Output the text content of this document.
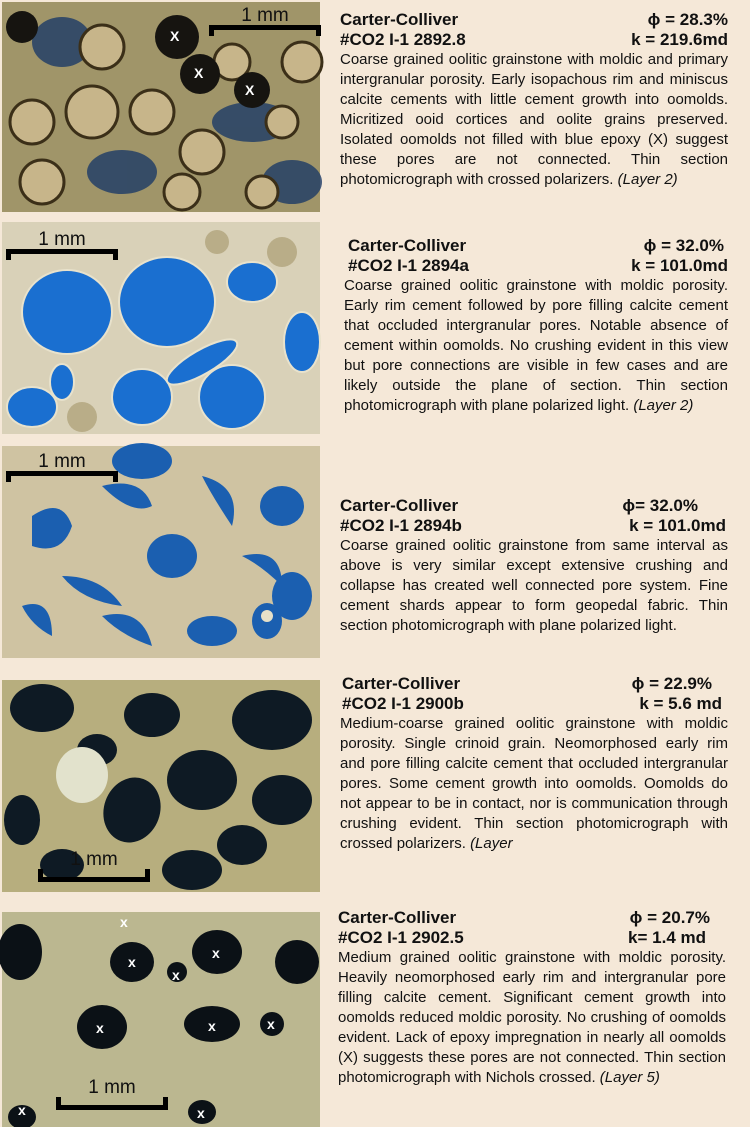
X
X
X
1 mm	Carter-Colliver	ϕ = 28.3%
#CO2 I-1 2892.8	k = 219.6md
Coarse grained oolitic grainstone with moldic and primary intergranular porosity. Early isopachous rim and miniscus calcite cements with little cement growth into oomolds. Micritized ooid cortices and oolite grains preserved. Isolated oomolds not filled with blue epoxy (X) suggest these pores are not connected. Thin section photomicrograph with crossed polarizers. (Layer 2)
1 mm	Carter-Colliver	ϕ = 32.0%
#CO2 I-1 2894a	k = 101.0md
Coarse grained oolitic grainstone with moldic porosity. Early rim cement followed by pore filling calcite cement that occluded intergranular pores. Notable absence of cement within oomolds. No crushing evident in this view but pore connections are visible in few cases and are likely outside the plane of section. Thin section photomicrograph with plane polarized light. (Layer 2)
1 mm
Carter-Colliver	ϕ= 32.0%
#CO2 I-1 2894b	k = 101.0md
Coarse grained oolitic grainstone from same interval as above is very similar except extensive crushing and collapse has created well connected pore system. Fine cement shards appear to form geopedal fabric. Thin section photomicrograph with plane polarized light.
1 mm
Carter-Colliver	ϕ = 22.9%
#CO2 I-1 2900b	k = 5.6 md
Medium-coarse grained oolitic grainstone with moldic porosity. Single crinoid grain. Neomorphosed early rim and pore filling calcite cement that occluded intergranular pores. Some cement growth into oomolds. Oomolds do not appear to be in contact, nor is communication through crushing evident. Thin section photomicrograph with crossed polarizers. (Layer
x
x
x
x
x	x	x
x	x
1 mm
Carter-Colliver	ϕ = 20.7%
#CO2 I-1 2902.5	k= 1.4 md
Medium grained oolitic grainstone with moldic porosity. Heavily neomorphosed early rim and intergranular pore filling calcite cement. Significant cement growth into oomolds reduced moldic porosity. No crushing of oomolds evident. Lack of epoxy impregnation in nearly all oomolds (X) suggests these pores are not connected. Thin section photomicrograph with Nichols crossed. (Layer 5)
